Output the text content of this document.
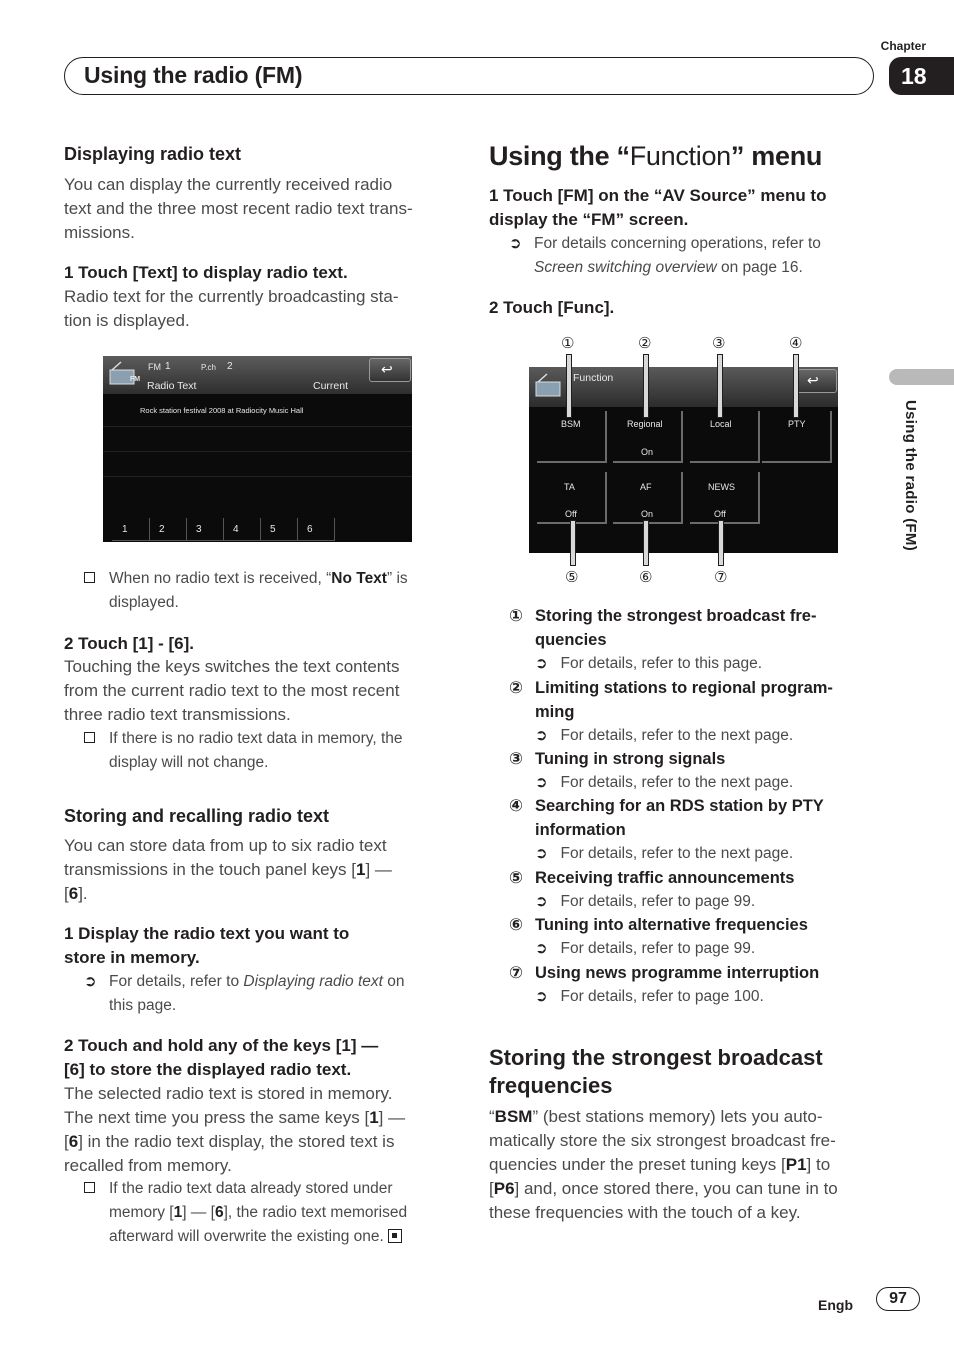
Chapter
Using the radio (FM)	18
Using the radio (FM)
Displaying radio text
You can display the currently received radio
text and the three most recent radio text trans-
missions.
1 Touch [Text] to display radio text.
Radio text for the currently broadcasting sta-
tion is displayed.
FM
FM 1	P.ch 2
Radio Text	Current
↩
Rock station festival 2008 at Radiocity Music Hall
1	2	3	4	5	6
When no radio text is received, “No Text” is
displayed.
2 Touch [1] - [6].
Touching the keys switches the text contents
from the current radio text to the most recent
three radio text transmissions.
If there is no radio text data in memory, the
display will not change.
Storing and recalling radio text
You can store data from up to six radio text
transmissions in the touch panel keys [1] —
[6].
1 Display the radio text you want to
store in memory.
➲ For details, refer to Displaying radio text on
this page.
2 Touch and hold any of the keys [1] —
[6] to store the displayed radio text.
The selected radio text is stored in memory.
The next time you press the same keys [1] —
[6] in the radio text display, the stored text is
recalled from memory.
If the radio text data already stored under
memory [1] — [6], the radio text memorised
afterward will overwrite the existing one.
Using the “Function” menu
1 Touch [FM] on the “AV Source” menu to
display the “FM” screen.
➲ For details concerning operations, refer to
Screen switching overview on page 16.
2 Touch [Func].
①	②	③	④
Function	↩
BSM	Regional
On
Local	PTY
TA
Off
AF
On
NEWS
Off
⑤	⑥	⑦
① Storing the strongest broadcast fre-
quencies
➲ For details, refer to this page.
② Limiting stations to regional program-
ming
➲ For details, refer to the next page.
③ Tuning in strong signals
➲ For details, refer to the next page.
④ Searching for an RDS station by PTY
information
➲ For details, refer to the next page.
⑤ Receiving traffic announcements
➲ For details, refer to page 99.
⑥ Tuning into alternative frequencies
➲ For details, refer to page 99.
⑦ Using news programme interruption
➲ For details, refer to page 100.
Storing the strongest broadcast
frequencies
“BSM” (best stations memory) lets you auto-
matically store the six strongest broadcast fre-
quencies under the preset tuning keys [P1] to
[P6] and, once stored there, you can tune in to
these frequencies with the touch of a key.
Engb	97
